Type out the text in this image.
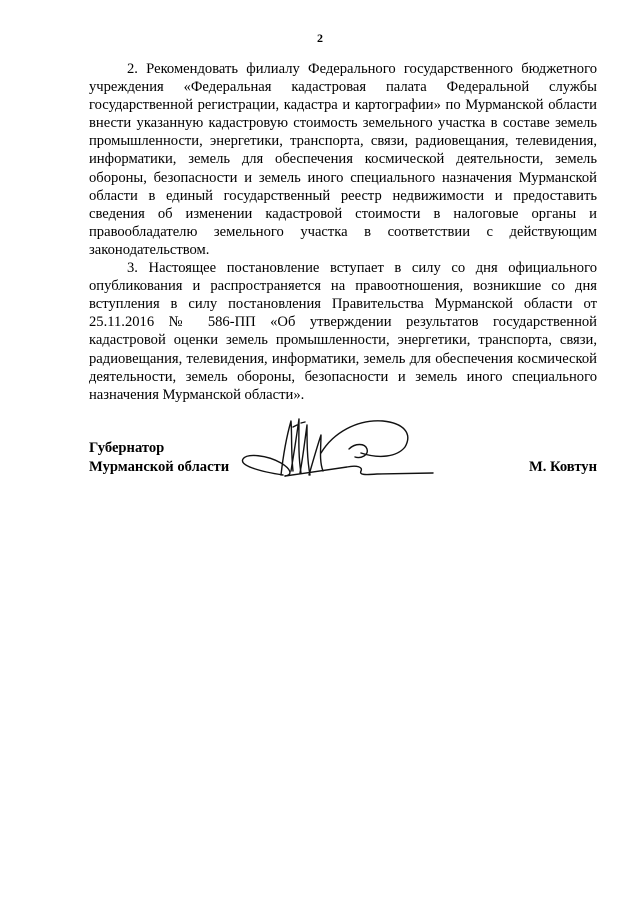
2

2. Рекомендовать филиалу Федерального государственного бюджетного учреждения «Федеральная кадастровая палата Федеральной службы государственной регистрации, кадастра и картографии» по Мурманской области внести указанную кадастровую стоимость земельного участка в составе земель промышленности, энергетики, транспорта, связи, радиовещания, телевидения, информатики, земель для обеспечения космической деятельности, земель обороны, безопасности и земель иного специального назначения Мурманской области в единый государственный реестр недвижимости и предоставить сведения об изменении кадастровой стоимости в налоговые органы и правообладателю земельного участка в соответствии с действующим законодательством.

3. Настоящее постановление вступает в силу со дня официального опубликования и распространяется на правоотношения, возникшие со дня вступления в силу постановления Правительства Мурманской области от 25.11.2016 № 586-ПП «Об утверждении результатов государственной кадастровой оценки земель промышленности, энергетики, транспорта, связи, радиовещания, телевидения, информатики, земель для обеспечения космической деятельности, земель обороны, безопасности и земель иного специального назначения Мурманской области».

Губернатор
Мурманской области	М. Ковтун
